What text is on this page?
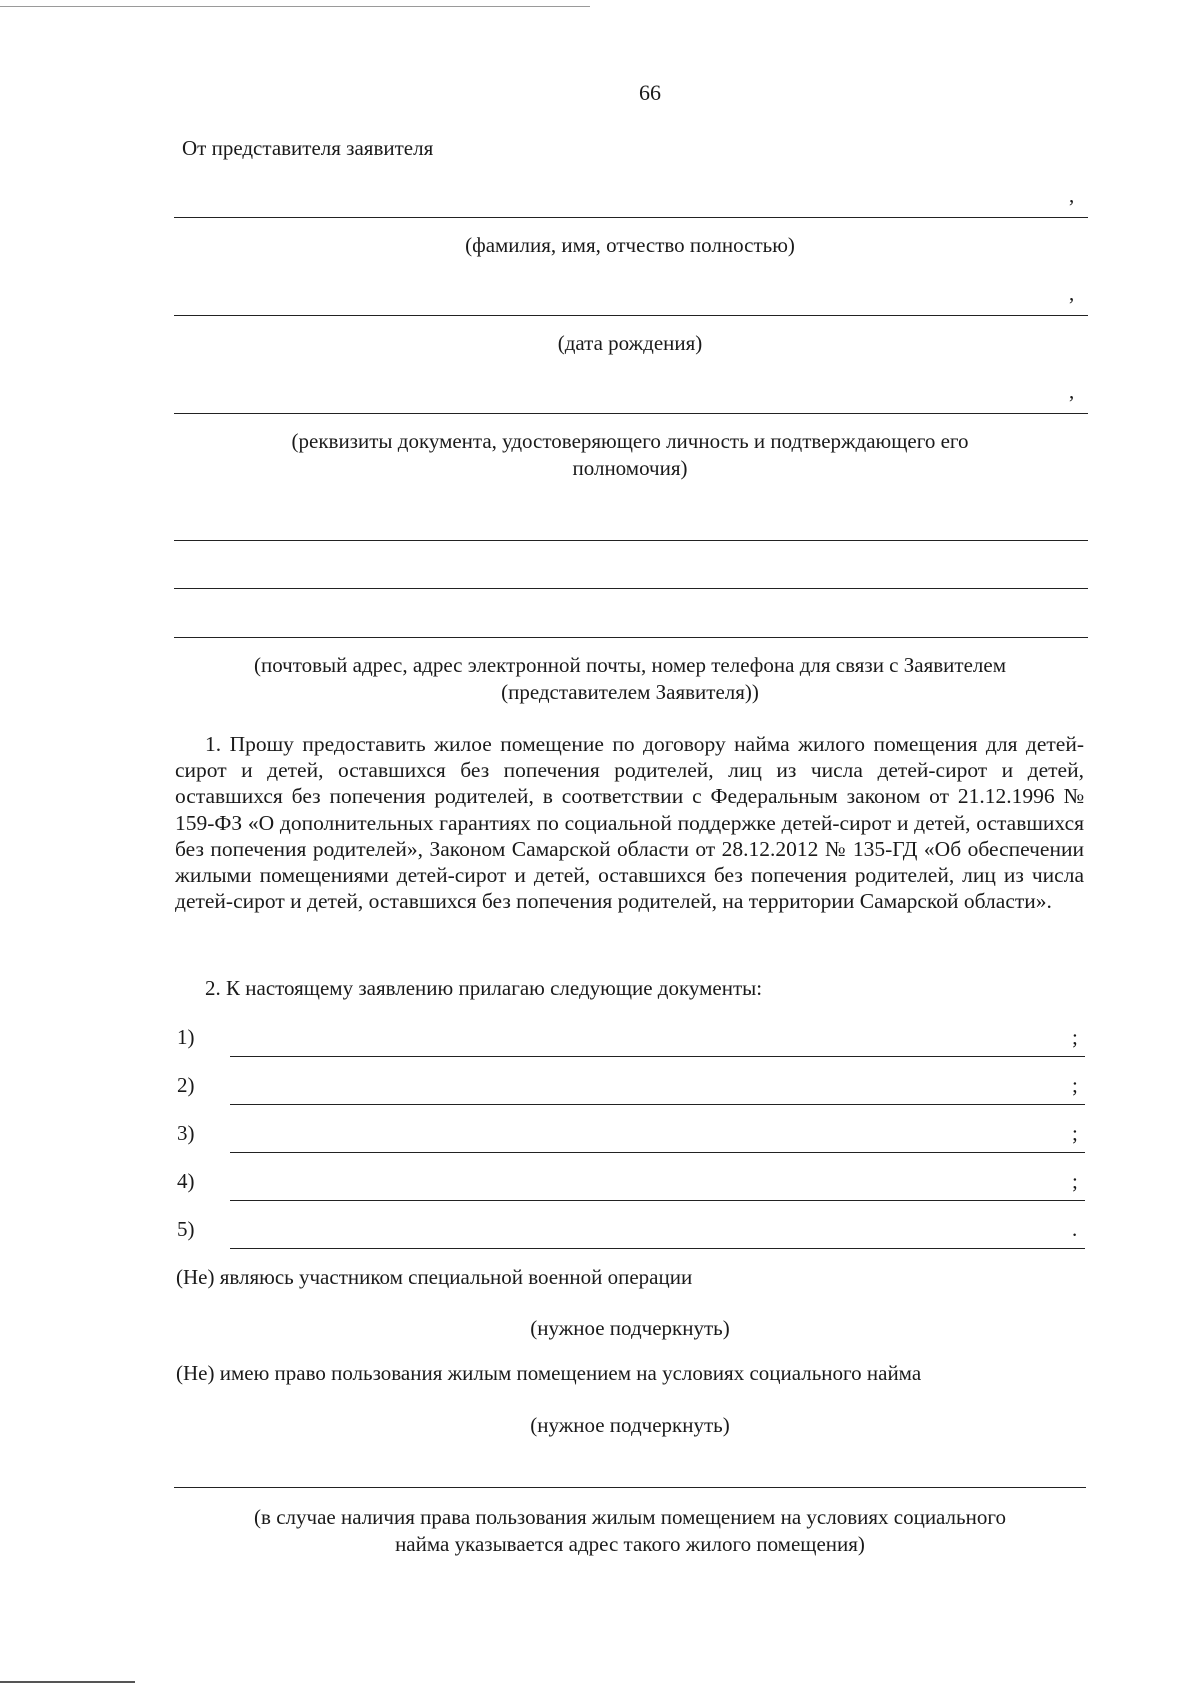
66
От представителя заявителя
,
(фамилия, имя, отчество полностью)
,
(дата рождения)
,
(реквизиты документа, удостоверяющего личность и подтверждающего его
полномочия)
(почтовый адрес, адрес электронной почты, номер телефона для связи с Заявителем
(представителем Заявителя))
1. Прошу предоставить жилое помещение по договору найма жилого помещения для детей-сирот и детей, оставшихся без попечения родителей, лиц из числа детей-сирот и детей, оставшихся без попечения родителей, в соответствии с Федеральным законом от 21.12.1996 № 159-ФЗ «О дополнительных гарантиях по социальной поддержке детей-сирот и детей, оставшихся без попечения родителей», Законом Самарской области от 28.12.2012 № 135-ГД «Об обеспечении жилыми помещениями детей-сирот и детей, оставшихся без попечения родителей, лиц из числа детей-сирот и детей, оставшихся без попечения родителей, на территории Самарской области».
2. К настоящему заявлению прилагаю следующие документы:
1)	;
2)	;
3)	;
4)	;
5)	.
(Не) являюсь участником специальной военной операции
(нужное подчеркнуть)
(Не) имею право пользования жилым помещением на условиях социального найма
(нужное подчеркнуть)
(в случае наличия права пользования жилым помещением на условиях социального
найма указывается адрес такого жилого помещения)
